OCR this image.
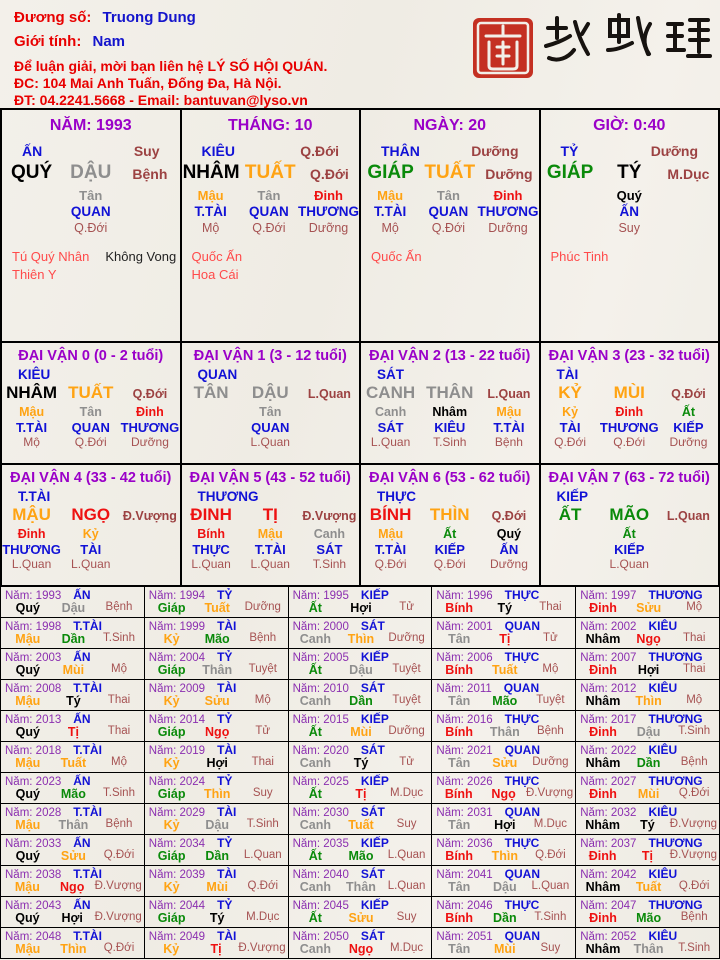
Đương số: Truong Dung
Giới tính: Nam
Để luận giải, mời bạn liên hệ LÝ SỐ HỘI QUÁN.
ĐC: 104 Mai Anh Tuấn, Đống Đa, Hà Nội.
ĐT: 04.2241.5668 - Email: bantuvan@lyso.vn
NĂM: 1993
ẤN	Suy
QUÝ DẬU	Bệnh
Tân
QUAN
Q.Đới
Tú Quý Nhân Không Vong
Thiên Y
THÁNG: 10
KIÊU	Q.Đới
NHÂM TUẤT	Q.Đới
Mậu
T.TÀI
Mộ
Tân
QUAN
Q.Đới
Đinh
THƯƠNG
Dưỡng
Quốc Ấn
Hoa Cái
NGÀY: 20
THÂN	Dưỡng
GIÁP TUẤT Dưỡng
Mậu
T.TÀI
Mộ
Tân
QUAN
Q.Đới
Đinh
THƯƠNG
Dưỡng
Quốc Ấn
GIỜ: 0:40
TỶ	Dưỡng
GIÁP	TÝ	M.Dục
Quý
ẤN
Suy
Phúc Tinh
ĐẠI VẬN 0 (0 - 2 tuổi)
KIÊU
NHÂM TUẤT	Q.Đới
Mậu
T.TÀI
Mộ
Tân
QUAN
Q.Đới
Đinh
THƯƠNG
Dưỡng
ĐẠI VẬN 1 (3 - 12 tuổi)
QUAN
TÂN	DẬU	L.Quan
Tân
QUAN
L.Quan
ĐẠI VẬN 2 (13 - 22 tuổi)
SÁT
CANH THÂN	L.Quan
Canh
SÁT
L.Quan
Nhâm
KIÊU
T.Sinh
Mậu
T.TÀI
Bệnh
ĐẠI VẬN 3 (23 - 32 tuổi)
TÀI
KỶ	MÙI	Q.Đới
Kỷ
TÀI
Q.Đới
Đinh
THƯƠNG
Q.Đới
Ất
KIẾP
Dưỡng
ĐẠI VẬN 4 (33 - 42 tuổi)
T.TÀI
MẬU	NGỌ	Đ.Vượng
Đinh
THƯƠNG
L.Quan
Kỷ
TÀI
L.Quan
ĐẠI VẬN 5 (43 - 52 tuổi)
THƯƠNG
ĐINH	TỊ	Đ.Vượng
Bính
THỰC
L.Quan
Mậu
T.TÀI
L.Quan
Canh
SÁT
T.Sinh
ĐẠI VẬN 6 (53 - 62 tuổi)
THỰC
BÍNH	THÌN	Q.Đới
Mậu
T.TÀI
Q.Đới
Ất
KIẾP
Q.Đới
Quý
ẤN
Dưỡng
ĐẠI VẬN 7 (63 - 72 tuổi)
KIẾP
ẤT	MÃO	L.Quan
Ất
KIẾP
L.Quan
Năm: 1993 ẤN
Quý	Dậu	Bệnh
Năm: 1994 TỶ
Giáp	Tuất	Dưỡng
Năm: 1995 KIẾP
Ất	Hợi	Tử
Năm: 1996 THỰC
Bính	Tý	Thai
Năm: 1997 THƯƠNG
Đinh	Sửu	Mộ
Năm: 1998 T.TÀI
Mậu	Dần	T.Sinh
Năm: 1999 TÀI
Kỷ	Mão	Bệnh
Năm: 2000 SÁT
Canh	Thìn	Dưỡng
Năm: 2001 QUAN
Tân	Tị	Tử
Năm: 2002 KIÊU
Nhâm	Ngọ	Thai
Năm: 2003 ẤN
Quý	Mùi	Mộ
Năm: 2004 TỶ
Giáp	Thân	Tuyệt
Năm: 2005 KIẾP
Ất	Dậu	Tuyệt
Năm: 2006 THỰC
Bính	Tuất	Mộ
Năm: 2007 THƯƠNG
Đinh	Hợi	Thai
Năm: 2008 T.TÀI
Mậu	Tý	Thai
Năm: 2009 TÀI
Kỷ	Sửu	Mộ
Năm: 2010 SÁT
Canh	Dần	Tuyệt
Năm: 2011 QUAN
Tân	Mão	Tuyệt
Năm: 2012 KIÊU
Nhâm	Thìn	Mộ
Năm: 2013 ẤN
Quý	Tị	Thai
Năm: 2014 TỶ
Giáp	Ngọ	Tử
Năm: 2015 KIẾP
Ất	Mùi	Dưỡng
Năm: 2016 THỰC
Bính	Thân	Bệnh
Năm: 2017 THƯƠNG
Đinh	Dậu	T.Sinh
Năm: 2018 T.TÀI
Mậu	Tuất	Mộ
Năm: 2019 TÀI
Kỷ	Hợi	Thai
Năm: 2020 SÁT
Canh	Tý	Tử
Năm: 2021 QUAN
Tân	Sửu	Dưỡng
Năm: 2022 KIÊU
Nhâm	Dần	Bệnh
Năm: 2023 ẤN
Quý	Mão	T.Sinh
Năm: 2024 TỶ
Giáp	Thìn	Suy
Năm: 2025 KIẾP
Ất	Tị	M.Dục
Năm: 2026 THỰC
Bính	Ngọ Đ.Vượng
Năm: 2027 THƯƠNG
Đinh	Mùi	Q.Đới
Năm: 2028 T.TÀI
Mậu	Thân	Bệnh
Năm: 2029 TÀI
Kỷ	Dậu	T.Sinh
Năm: 2030 SÁT
Canh	Tuất	Suy
Năm: 2031 QUAN
Tân	Hợi	M.Dục
Năm: 2032 KIÊU
Nhâm	Tý	Đ.Vượng
Năm: 2033 ẤN
Quý	Sửu	Q.Đới
Năm: 2034 TỶ
Giáp	Dần	L.Quan
Năm: 2035 KIẾP
Ất	Mão	L.Quan
Năm: 2036 THỰC
Bính	Thìn	Q.Đới
Năm: 2037 THƯƠNG
Đinh	Tị	Đ.Vượng
Năm: 2038 T.TÀI
Mậu	Ngọ Đ.Vượng
Năm: 2039 TÀI
Kỷ	Mùi	Q.Đới
Năm: 2040 SÁT
Canh	Thân	L.Quan
Năm: 2041 QUAN
Tân	Dậu	L.Quan
Năm: 2042 KIÊU
Nhâm	Tuất	Q.Đới
Năm: 2043 ẤN
Quý	Hợi	Đ.Vượng
Năm: 2044 TỶ
Giáp	Tý	M.Dục
Năm: 2045 KIẾP
Ất	Sửu	Suy
Năm: 2046 THỰC
Bính	Dần	T.Sinh
Năm: 2047 THƯƠNG
Đinh	Mão	Bệnh
Năm: 2048 T.TÀI
Mậu	Thìn	Q.Đới
Năm: 2049 TÀI
Kỷ	Tị	Đ.Vượng
Năm: 2050 SÁT
Canh	Ngọ	M.Dục
Năm: 2051 QUAN
Tân	Mùi	Suy
Năm: 2052 KIÊU
Nhâm	Thân	T.Sinh
